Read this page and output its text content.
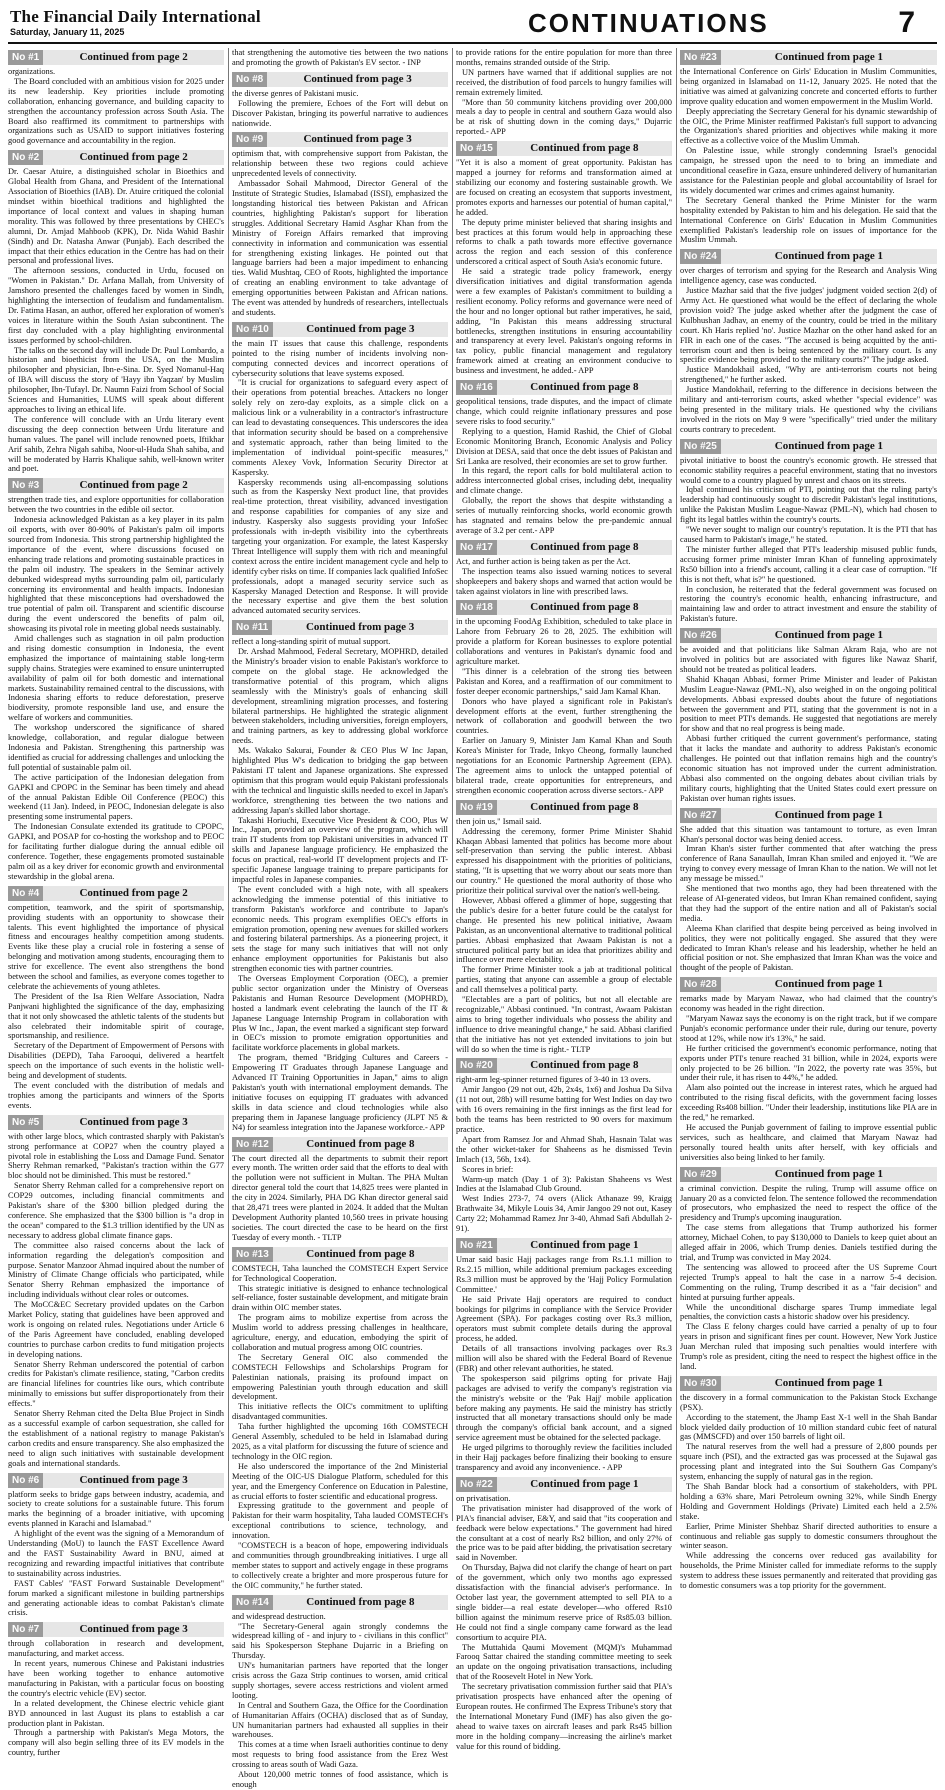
The Financial Daily International
Saturday, January 11, 2025	CONTINUATIONS	7
No #1	Continued from page 2

organizations.

The Board concluded with an ambitious vision for 2025 under its new leadership. Key priorities include promoting collaboration, enhancing governance, and building capacity to strengthen the accountancy profession across South Asia. The Board also reaffirmed its commitment to partnerships with organizations such as USAID to support initiatives fostering good governance and accountability in the region.

No #2	Continued from page 2

Dr. Caesar Atuire, a distinguished scholar in Bioethics and Global Health from Ghana, and President of the International Association of Bioethics (IAB). Dr. Atuire critiqued the colonial mindset within bioethical traditions and highlighted the importance of local context and values in shaping human morality. This was followed by three presentations by CHEC's alumni, Dr. Amjad Mahboob (KPK), Dr. Nida Wahid Bashir (Sindh) and Dr. Natasha Anwar (Punjab). Each described the impact that their ethics education in the Centre has had on their personal and professional lives.

The afternoon sessions, conducted in Urdu, focused on "Women in Pakistan." Dr. Arfana Mallah, from University of Jamshoro presented the challenges faced by women in Sindh, highlighting the intersection of feudalism and fundamentalism. Dr. Fatima Hasan, an author, offered her exploration of women's voices in literature within the South Asian subcontinent. The first day concluded with a play highlighting environmental issues performed by school-children.

The talks on the second day will include Dr. Paul Lombardo, a historian and bioethicist from the USA, on the Muslim philosopher and physician, Ibn-e-Sina. Dr. Syed Nomanul-Haq of IBA will discuss the story of 'Hayy ibn Yaqzan' by Muslim philosopher, Ibn-Tufayl. Dr. Naumn Faizi from School of Social Sciences and Humanities, LUMS will speak about different approaches to living an ethical life.

The conference will conclude with an Urdu literary event discussing the deep connection between Urdu literature and human values. The panel will include renowned poets, Iftikhar Arif sahib, Zehra Nigah sahiba, Noor-ul-Huda Shah sahiba, and will be moderated by Harris Khalique sahib, well-known writer and poet.

No #3	Continued from page 2

strengthen trade ties, and explore opportunities for collaboration between the two countries in the edible oil sector.

Indonesia acknowledged Pakistan as a key player in its palm oil exports, with over 80-90% of Pakistan's palm oil imports sourced from Indonesia. This strong partnership highlighted the importance of the event, where discussions focused on enhancing trade relations and promoting sustainable practices in the palm oil industry. The speakers in the Seminar actively debunked widespread myths surrounding palm oil, particularly concerning its environmental and health impacts. Indonesian highlighted that these misconceptions had overshadowed the true potential of palm oil. Transparent and scientific discourse during the event underscored the benefits of palm oil, showcasing its pivotal role in meeting global needs sustainably.

Amid challenges such as stagnation in oil palm production and rising domestic consumption in Indonesia, the event emphasized the importance of maintaining stable long-term supply chains. Strategies were examined to ensure uninterrupted availability of palm oil for both domestic and international markets. Sustainability remained central to the discussions, with Indonesia sharing efforts to reduce deforestation, preserve biodiversity, promote responsible land use, and ensure the welfare of workers and communities.

The workshop underscored the significance of shared knowledge, collaboration, and regular dialogue between Indonesia and Pakistan. Strengthening this partnership was identified as crucial for addressing challenges and unlocking the full potential of sustainable palm oil.

The active participation of the Indonesian delegation from GAPKI and CPOPC in the Seminar has been timely and ahead of the annual Pakistan Edible Oil Conference (PEOC) this weekend (11 Jan). Indeed, in PEOC, Indonesian delegate is also presenting some instrumental papers.

The Indonesian Consulate extended its gratitude to CPOPC, GAPKI, and POSAP for co-hosting the workshop and to PEOC for facilitating further dialogue during the annual edible oil conference. Together, these engagements promoted sustainable palm oil as a key driver for economic growth and environmental stewardship in the global arena.

No #4	Continued from page 2

competition, teamwork, and the spirit of sportsmanship, providing students with an opportunity to showcase their talents. This event highlighted the importance of physical fitness and encourages healthy competition among students. Events like these play a crucial role in fostering a sense of belonging and motivation among students, encouraging them to strive for excellence. The event also strengthens the bond between the school and families, as everyone comes together to celebrate the achievements of young athletes.

The President of the Isa Rien Welfare Association, Nadra Panjwani highlighted the significance of the day, emphasizing that it not only showcased the athletic talents of the students but also celebrated their indomitable spirit of courage, sportsmanship, and resilience.

Secretary of the Department of Empowerment of Persons with Disabilities (DEPD), Taha Farooqui, delivered a heartfelt speech on the importance of such events in the holistic well-being and development of students.

The event concluded with the distribution of medals and trophies among the participants and winners of the Sports events.

No #5	Continued from page 3

with other large blocs, which contrasted sharply with Pakistan's strong performance at COP27 when the country played a pivotal role in establishing the Loss and Damage Fund. Senator Sherry Rehman remarked, "Pakistan's traction within the G77 bloc should not be diminished. This must be restored."

Senator Sherry Rehman called for a comprehensive report on COP29 outcomes, including financial commitments and Pakistan's share of the $300 billion pledged during the conference. She emphasized that the $300 billion is "a drop in the ocean" compared to the $1.3 trillion identified by the UN as necessary to address global climate finance gaps.

The committee also raised concerns about the lack of information regarding the delegation's composition and purpose. Senator Manzoor Ahmad inquired about the number of Ministry of Climate Change officials who participated, while Senator Sherry Rehman emphasized the importance of including individuals without clear roles or outcomes.

The MoCC&EC Secretary provided updates on the Carbon Market Policy, stating that guidelines have been approved and work is ongoing on related rules. Negotiations under Article 6 of the Paris Agreement have concluded, enabling developed countries to purchase carbon credits to fund mitigation projects in developing nations.

Senator Sherry Rehman underscored the potential of carbon credits for Pakistan's climate resilience, stating, "Carbon credits are financial lifelines for countries like ours, which contribute minimally to emissions but suffer disproportionately from their effects."

Senator Sherry Rehman cited the Delta Blue Project in Sindh as a successful example of carbon sequestration, she called for the establishment of a national registry to manage Pakistan's carbon credits and ensure transparency. She also emphasized the need to align such initiatives with sustainable development goals and international standards.

No #6	Continued from page 3

platform seeks to bridge gaps between industry, academia, and society to create solutions for a sustainable future. This forum marks the beginning of a broader initiative, with upcoming events planned in Karachi and Islamabad."

A highlight of the event was the signing of a Memorandum of Understanding (MoU) to launch the FAST Excellence Award and the FAST Sustainability Award in BNU, aimed at recognizing and rewarding impactful initiatives that contribute to sustainability across industries.

FAST Cables' "FAST Forward Sustainable Development" forum marked a significant milestone in building partnerships and generating actionable ideas to combat Pakistan's climate crisis.

No #7	Continued from page 3

through collaboration in research and development, manufacturing, and market access.

In recent years, numerous Chinese and Pakistani industries have been working together to enhance automotive manufacturing in Pakistan, with a particular focus on boosting the country's electric vehicle (EV) sector.

In a related development, the Chinese electric vehicle giant BYD announced in last August its plans to establish a car production plant in Pakistan.

Through a partnership with Pakistan's Mega Motors, the company will also begin selling three of its EV models in the country, further

that strengthening the automotive ties between the two nations and promoting the growth of Pakistan's EV sector. - INP

No #8	Continued from page 3

the diverse genres of Pakistani music.

Following the premiere, Echoes of the Fort will debut on Discover Pakistan, bringing its powerful narrative to audiences nationwide.

No #9	Continued from page 3

optimism that, with comprehensive support from Pakistan, the relationship between these two regions could achieve unprecedented levels of connectivity.

Ambassador Sohail Mahmood, Director General of the Institute of Strategic Studies, Islamabad (ISSI), emphasized the longstanding historical ties between Pakistan and African countries, highlighting Pakistan's support for liberation struggles. Additional Secretary Hamid Asghar Khan from the Ministry of Foreign Affairs remarked that improving connectivity in information and communication was essential for strengthening existing linkages. He pointed out that language barriers had been a major impediment to enhancing ties. Walid Mushtaq, CEO of Roots, highlighted the importance of creating an enabling environment to take advantage of emerging opportunities between Pakistan and African nations. The event was attended by hundreds of researchers, intellectuals and students.

No #10	Continued from page 3

the main IT issues that cause this challenge, respondents pointed to the rising number of incidents involving non-computing connected devices and incorrect operations of cybersecurity solutions that leave systems exposed.

"It is crucial for organizations to safeguard every aspect of their operations from potential breaches. Attackers no longer solely rely on zero-day exploits, as a simple click on a malicious link or a vulnerability in a contractor's infrastructure can lead to devastating consequences. This underscores the idea that information security should be based on a comprehensive and systematic approach, rather than being limited to the implementation of individual point-specific measures," comments Alexey Vovk, Information Security Director at Kaspersky.

Kaspersky recommends using all-encompassing solutions such as from the Kaspersky Next product line, that provides real-time protection, threat visibility, advanced investigation and response capabilities for companies of any size and industry. Kaspersky also suggests providing your InfoSec professionals with in-depth visibility into the cyberthreats targeting your organization. For example, the latest Kaspersky Threat Intelligence will supply them with rich and meaningful context across the entire incident management cycle and help to identify cyber risks on time. If companies lack qualified InfoSec professionals, adopt a managed security service such as Kaspersky Managed Detection and Response. It will provide the necessary expertise and give them the best solution advanced automated security services.

No #11	Continued from page 3

reflect a long-standing spirit of mutual support.

Dr. Arshad Mahmood, Federal Secretary, MOPHRD, detailed the Ministry's broader vision to enable Pakistan's workforce to compete on the global stage. He acknowledged the transformative potential of this program, which aligns seamlessly with the Ministry's goals of enhancing skill development, streamlining migration processes, and fostering bilateral partnerships. He highlighted the strategic alignment between stakeholders, including universities, foreign employers, and training partners, as key to addressing global workforce needs.

Ms. Wakako Sakurai, Founder & CEO Plus W Inc Japan, highlighted Plus W's dedication to bridging the gap between Pakistani IT talent and Japanese organizations. She expressed optimism that this program would equip Pakistani professionals with the technical and linguistic skills needed to excel in Japan's workforce, strengthening ties between the two nations and addressing Japan's skilled labor shortage.

Takashi Horiuchi, Executive Vice President & COO, Plus W Inc., Japan, provided an overview of the program, which will train IT students from top Pakistani universities in advanced IT skills and Japanese language proficiency. He emphasized the focus on practical, real-world IT development projects and IT-specific Japanese language training to prepare participants for impactful roles in Japanese companies.

The event concluded with a high note, with all speakers acknowledging the immense potential of this initiative to transform Pakistan's workforce and contribute to Japan's economic needs. This program exemplifies OEC's efforts in emigration promotion, opening new avenues for skilled workers and fostering bilateral partnerships. As a pioneering project, it sets the stage for many such initiatives that will not only enhance employment opportunities for Pakistanis but also strengthen economic ties with partner countries.

The Overseas Employment Corporation (OEC), a premier public sector organization under the Ministry of Overseas Pakistanis and Human Resource Development (MOPHRD), hosted a landmark event celebrating the launch of the IT & Japanese Language Internship Program in collaboration with Plus W Inc., Japan, the event marked a significant step forward in OEC's mission to promote emigration opportunities and facilitate workforce placements in global markets.

The program, themed "Bridging Cultures and Careers - Empowering IT Graduates through Japanese Language and Advanced IT Training Opportunities in Japan," aims to align Pakistan's youth with international employment demands. The initiative focuses on equipping IT graduates with advanced skills in data science and cloud technologies while also preparing them in Japanese language proficiency (JLPT N5 & N4) for seamless integration into the Japanese workforce.- APP

No #12	Continued from page 8

The court directed all the departments to submit their report every month. The written order said that the efforts to deal with the pollution were not sufficient in Multan. The PHA Multan director general told the court that 14,825 trees were planted in the city in 2024. Similarly, PHA DG Khan director general said that 28,471 trees were planted in 2024. It added that the Multan Development Authority planted 10,560 trees in private housing societies. The court directed the case to be heard on the first Tuesday of every month. - TLTP

No #13	Continued from page 8

COMSTECH, Taha launched the COMSTECH Expert Service for Technological Cooperation.

This strategic initiative is designed to enhance technological self-reliance, foster sustainable development, and mitigate brain drain within OIC member states.

The program aims to mobilize expertise from across the Muslim world to address pressing challenges in healthcare, agriculture, energy, and education, embodying the spirit of collaboration and mutual progress among OIC countries.

The Secretary General OIC also commended the COMSTECH Fellowships and Scholarships Program for Palestinian nationals, praising its profound impact on empowering Palestinian youth through education and skill development.

This initiative reflects the OIC's commitment to uplifting disadvantaged communities.

Taha further highlighted the upcoming 16th COMSTECH General Assembly, scheduled to be held in Islamabad during 2025, as a vital platform for discussing the future of science and technology in the OIC region.

He also underscored the importance of the 2nd Ministerial Meeting of the OIC-US Dialogue Platform, scheduled for this year, and the Emergency Conference on Education in Palestine, as crucial efforts to foster scientific and educational progress.

Expressing gratitude to the government and people of Pakistan for their warm hospitality, Taha lauded COMSTECH's exceptional contributions to science, technology, and innovation.

"COMSTECH is a beacon of hope, empowering individuals and communities through groundbreaking initiatives. I urge all member states to support and actively engage in these programs to collectively create a brighter and more prosperous future for the OIC community," he further stated.

No #14	Continued from page 8

and widespread destruction.

"The Secretary-General again strongly condemns the widespread killing of - and injury to - civilians in this conflict" said his Spokesperson Stephane Dujarric in a Briefing on Thursday.

UN's humanitarian partners have reported that the longer crisis across the Gaza Strip continues to worsen, amid critical supply shortages, severe access restrictions and violent armed looting.

In Central and Southern Gaza, the Office for the Coordination of Humanitarian Affairs (OCHA) disclosed that as of Sunday, UN humanitarian partners had exhausted all supplies in their warehouses.

This comes at a time when Israeli authorities continue to deny most requests to bring food assistance from the Erez West crossing to areas south of Wadi Gaza.

About 120,000 metric tonnes of food assistance, which is enough

to provide rations for the entire population for more than three months, remains stranded outside of the Strip.

UN partners have warned that if additional supplies are not received, the distribution of food parcels to hungry families will remain extremely limited.

"More than 50 community kitchens providing over 200,000 meals a day to people in central and southern Gaza would also be at risk of shutting down in the coming days," Dujarric reported.- APP

No #15	Continued from page 8

"Yet it is also a moment of great opportunity. Pakistan has mapped a journey for reforms and transformation aimed at stabilizing our economy and fostering sustainable growth. We are focused on creating an ecosystem that supports investment, promotes exports and harnesses our potential of human capital," he added.

The deputy prime minister believed that sharing insights and best practices at this forum would help in approaching these reforms to chalk a path towards more effective governance across the region and each session of this conference underscored a critical aspect of South Asia's economic future.

He said a strategic trade policy framework, energy diversification initiatives and digital transformation agenda were a few examples of Pakistan's commitment to building a resilient economy. Policy reforms and governance were need of the hour and no longer optional but rather imperatives, he said, adding, "In Pakistan this means addressing structural bottlenecks, strengthen institutions in ensuring accountability and transparency at every level. Pakistan's ongoing reforms in tax policy, public financial management and regulatory framework aimed at creating an environment conducive to business and investment, he added.- APP

No #16	Continued from page 8

geopolitical tensions, trade disputes, and the impact of climate change, which could reignite inflationary pressures and pose severe risks to food security."

Replying to a question, Hamid Rashid, the Chief of Global Economic Monitoring Branch, Economic Analysis and Policy Division at DESA, said that once the debt issues of Pakistan and Sri Lanka are resolved, their economies are set to grow further.

In this regard, the report calls for bold multilateral action to address interconnected global crises, including debt, inequality and climate change.

Globally, the report the shows that despite withstanding a series of mutually reinforcing shocks, world economic growth has stagnated and remains below the pre-pandemic annual average of 3.2 per cent.- APP

No #17	Continued from page 8

Act, and further action is being taken as per the Act.

The inspection teams also issued warning notices to several shopkeepers and bakery shops and warned that action would be taken against violators in line with prescribed laws.

No #18	Continued from page 8

in the upcoming FoodAg Exhibition, scheduled to take place in Lahore from February 26 to 28, 2025. The exhibition will provide a platform for Korean businesses to explore potential collaborations and ventures in Pakistan's dynamic food and agriculture market.

"This dinner is a celebration of the strong ties between Pakistan and Korea, and a reaffirmation of our commitment to foster deeper economic partnerships," said Jam Kamal Khan.

Donors who have played a significant role in Pakistan's development efforts at the event, further strengthening the network of collaboration and goodwill between the two countries.

Earlier on January 9, Minister Jam Kamal Khan and South Korea's Minister for Trade, Inkyo Cheong, formally launched negotiations for an Economic Partnership Agreement (EPA). The agreement aims to unlock the untapped potential of bilateral trade, create opportunities for entrepreneurs, and strengthen economic cooperation across diverse sectors.- APP

No #19	Continued from page 8

then join us," Ismail said.

Addressing the ceremony, former Prime Minister Shahid Khaqan Abbasi lamented that politics has become more about self-preservation than serving the public interest. Abbasi expressed his disappointment with the priorities of politicians, stating, "It is upsetting that we worry about our seats more than our country." He questioned the moral authority of those who prioritize their political survival over the nation's well-being.

However, Abbasi offered a glimmer of hope, suggesting that the public's desire for a better future could be the catalyst for change. He presented his new political initiative, Awaam Pakistan, as an unconventional alternative to traditional political parties. Abbasi emphasized that Awaam Pakistan is not a structured political party but an idea that prioritizes ability and influence over mere electability.

The former Prime Minister took a jab at traditional political parties, stating that anyone can assemble a group of electable and call themselves a political party.

"Electables are a part of politics, but not all electable are recognizable," Abbasi continued. "In contrast, Awaam Pakistan aims to bring together individuals who possess the ability and influence to drive meaningful change," he said. Abbasi clarified that the initiative has not yet extended invitations to join but will do so when the time is right.- TLTP

No #20	Continued from page 8

right-arm leg-spinner returned figures of 3-40 in 13 overs.

Amir Jangoo (29 not out, 42b, 2x4s, 1x6) and Joshua Da Silva (11 not out, 28b) will resume batting for West Indies on day two with 16 overs remaining in the first innings as the first lead for both the teams has been restricted to 90 overs for maximum practice.

Apart from Ramsez Jor and Ahmad Shah, Hasnain Talat was the other wicket-taker for Shaheens as he dismissed Tevin Imlach (13, 56b, 1x4).

Scores in brief:

Warm-up match (Day 1 of 3): Pakistan Shaheens vs West Indies at the Islamabad Club Ground.

West Indies 273-7, 74 overs (Alick Athanaze 99, Kraigg Brathwaite 34, Mikyle Louis 34, Amir Jangoo 29 not out, Kasey Carty 22; Mohammad Ramez Jnr 3-40, Ahmad Safi Abdullah 2-91).

No #21	Continued from page 1

Umar said basic Hajj packages range from Rs.1.1 million to Rs.2.15 million, while additional premium packages exceeding Rs.3 million must be approved by the 'Hajj Policy Formulation Committee.'

He said Private Hajj operators are required to conduct bookings for pilgrims in compliance with the Service Provider Agreement (SPA). For packages costing over Rs.3 million, operators must submit complete details during the approval process, he added.

Details of all transactions involving packages over Rs.3 million will also be shared with the Federal Board of Revenue (FBR) and other relevant authorities, he stated.

The spokesperson said pilgrims opting for private Hajj packages are advised to verify the company's registration via the ministry's website or the 'Pak Hajj' mobile application before making any payments. He said the ministry has strictly instructed that all monetary transactions should only be made through the company's official bank account, and a signed service agreement must be obtained for the selected package.

He urged pilgrims to thoroughly review the facilities included in their Hajj packages before finalizing their booking to ensure transparency and avoid any inconvenience. - APP

No #22	Continued from page 1

on privatisation.

The privatisation minister had disapproved of the work of PIA's financial adviser, E&Y, and said that "its cooperation and feedback were below expectations." The government had hired the consultant at a cost of nearly Rs2 billion, and only 27% of the price was to be paid after bidding, the privatisation secretary said in November.

On Thursday, Bajwa did not clarify the change of heart on part of the government, which only two months ago expressed dissatisfaction with the financial adviser's performance. In October last year, the government attempted to sell PIA to a single bidder—a real estate developer—who offered Rs10 billion against the minimum reserve price of Rs85.03 billion. He could not find a single company came forward as the lead consortium to acquire PIA.

The Muttahida Qaumi Movement (MQM)'s Muhammad Farooq Sattar chaired the standing committee meeting to seek an update on the ongoing privatisation transactions, including that of the Roosevelt Hotel in New York.

The secretary privatisation commission further said that PIA's privatisation prospects have enhanced after the opening of European routes. He confirmed The Express Tribune's story that the International Monetary Fund (IMF) has also given the go-ahead to waive taxes on aircraft leases and park Rs45 billion more in the holding company—increasing the airline's market value for this round of bidding.

No #23	Continued from page 1

the International Conference on Girls' Education in Muslim Communities, being organized in Islamabad on 11-12, January 2025. He noted that the initiative was aimed at galvanizing concrete and concerted efforts to further improve quality education and women empowerment in the Muslim World.

Deeply appreciating the Secretary General for his dynamic stewardship of the OIC, the Prime Minister reaffirmed Pakistan's full support to advancing the Organization's shared priorities and objectives while making it more effective as a collective voice of the Muslim Ummah.

On Palestine issue, while strongly condemning Israel's genocidal campaign, he stressed upon the need to to bring an immediate and unconditional ceasefire in Gaza, ensure unhindered delivery of humanitarian assistance for the Palestinian people and global accountability of Israel for its widely documented war crimes and crimes against humanity.

The Secretary General thanked the Prime Minister for the warm hospitality extended by Pakistan to him and his delegation. He said that the International Conference on Girls' Education in Muslim Communities exemplified Pakistan's leadership role on issues of importance for the Muslim Ummah.

No #24	Continued from page 1

over charges of terrorism and spying for the Research and Analysis Wing intelligence agency, case was conducted.

Justice Mazhar said that the five judges' judgment voided section 2(d) of Army Act. He questioned what would be the effect of declaring the whole provision void? The judge asked whether after the judgment the case of Kulbhushan Jadhav, an enemy of the country, could be tried in the military court. Kh Haris replied 'no'. Justice Mazhar on the other hand asked for an FIR in each one of the cases. "The accused is being acquitted by the anti-terrorism court and then is being sentenced by the military court. Is any specific evidence being provided to the military courts?" The judge asked.

Justice Mandokhail asked, "Why are anti-terrorism courts not being strengthened," he further asked.

Justice Mandokhail, referring to the difference in decisions between the military and anti-terrorism courts, asked whether "special evidence" was being presented in the military trials. He questioned why the civilians involved in the riots on May 9 were "specifically" tried under the military courts contrary to precedent.

No #25	Continued from page 1

pivotal initiative to boost the country's economic growth. He stressed that economic stability requires a peaceful environment, stating that no investors would come to a country plagued by unrest and chaos on its streets.

Iqbal continued his criticism of PTI, pointing out that the ruling party's leadership had continuously sought to discredit Pakistan's legal institutions, unlike the Pakistan Muslim League-Nawaz (PML-N), which had chosen to fight its legal battles within the country's courts.

"We never sought to malign our country's reputation. It is the PTI that has caused harm to Pakistan's image," he stated.

The minister further alleged that PTI's leadership misused public funds, accusing former prime minister Imran Khan of funneling approximately Rs50 billion into a friend's account, calling it a clear case of corruption. "If this is not theft, what is?" he questioned.

In conclusion, he reiterated that the federal government was focused on restoring the country's economic health, enhancing infrastructure, and maintaining law and order to attract investment and ensure the stability of Pakistan's future.

No #26	Continued from page 1

be avoided and that politicians like Salman Akram Raja, who are not involved in politics but are associated with figures like Nawaz Sharif, should not be treated as political leaders.

Shahid Khaqan Abbasi, former Prime Minister and leader of Pakistan Muslim League-Nawaz (PML-N), also weighed in on the ongoing political developments. Abbasi expressed doubts about the future of negotiations between the government and PTI, stating that the government is not in a position to meet PTI's demands. He suggested that negotiations are merely for show and that no real progress is being made.

Abbasi further critiqued the current government's performance, stating that it lacks the mandate and authority to address Pakistan's economic challenges. He pointed out that inflation remains high and the country's economic situation has not improved under the current administration. Abbasi also commented on the ongoing debates about civilian trials by military courts, highlighting that the United States could exert pressure on Pakistan over human rights issues.

No #27	Continued from page 1

She added that this situation was tantamount to torture, as even Imran Khan's personal doctor was being denied access.

Imran Khan's sister further commented that after watching the press conference of Rana Sanaullah, Imran Khan smiled and enjoyed it. "We are trying to convey every message of Imran Khan to the nation. We will not let any message be missed."

She mentioned that two months ago, they had been threatened with the release of AI-generated videos, but Imran Khan remained confident, saying that they had the support of the entire nation and all of Pakistan's social media.

Aleema Khan clarified that despite being perceived as being involved in politics, they were not politically engaged. She assured that they were dedicated to Imran Khan's release and his leadership, whether he held an official position or not. She emphasized that Imran Khan was the voice and thought of the people of Pakistan.

No #28	Continued from page 1

remarks made by Maryam Nawaz, who had claimed that the country's economy was headed in the right direction.

"Maryam Nawaz says the economy is on the right track, but if we compare Punjab's economic performance under their rule, during our tenure, poverty stood at 12%, while now it's 13%," he said.

He further criticised the government's economic performance, noting that exports under PTI's tenure reached 31 billion, while in 2024, exports were only projected to be 26 billion. "In 2022, the poverty rate was 35%, but under their rule, it has risen to 44%," he added.

Alam also pointed out the increase in interest rates, which he argued had contributed to the rising fiscal deficits, with the government facing losses exceeding Rs408 billion. "Under their leadership, institutions like PIA are in the red," he remarked.

He accused the Punjab government of failing to improve essential public services, such as healthcare, and claimed that Maryam Nawaz had personally toured health units after herself, with key officials and universities also being linked to her family.

No #29	Continued from page 1

a criminal conviction. Despite the ruling, Trump will assume office on January 20 as a convicted felon. The sentence followed the recommendation of prosecutors, who emphasized the need to respect the office of the presidency and Trump's upcoming inauguration.

The case stems from allegations that Trump authorized his former attorney, Michael Cohen, to pay $130,000 to Daniels to keep quiet about an alleged affair in 2006, which Trump denies. Daniels testified during the trial, and Trump was convicted in May 2024.

The sentencing was allowed to proceed after the US Supreme Court rejected Trump's appeal to halt the case in a narrow 5-4 decision. Commenting on the ruling, Trump described it as a "fair decision" and hinted at pursuing further appeals.

While the unconditional discharge spares Trump immediate legal penalties, the conviction casts a historic shadow over his presidency.

The Class E felony charges could have carried a penalty of up to four years in prison and significant fines per count. However, New York Justice Juan Merchan ruled that imposing such penalties would interfere with Trump's role as president, citing the need to respect the highest office in the land.

No #30	Continued from page 1

the discovery in a formal communication to the Pakistan Stock Exchange (PSX).

According to the statement, the Jhamp East X-1 well in the Shah Bandar block yielded daily production of 10 million standard cubic feet of natural gas (MMSCFD) and over 150 barrels of light oil.

The natural reserves from the well had a pressure of 2,800 pounds per square inch (PSI), and the extracted gas was processed at the Sujawal gas processing plant and integrated into the Sui Southern Gas Company's system, enhancing the supply of natural gas in the region.

The Shah Bandar block had a consortium of stakeholders, with PPL holding a 63% share, Mari Petroleum owning 32%, while Sindh Energy Holding and Government Holdings (Private) Limited each held a 2.5% stake.

Earlier, Prime Minister Shehbaz Sharif directed authorities to ensure a continuous and reliable gas supply to domestic consumers throughout the winter season.

While addressing the concerns over reduced gas availability for households, the Prime Minister called for immediate reforms to the supply system to address these issues permanently and reiterated that providing gas to domestic consumers was a top priority for the government.
